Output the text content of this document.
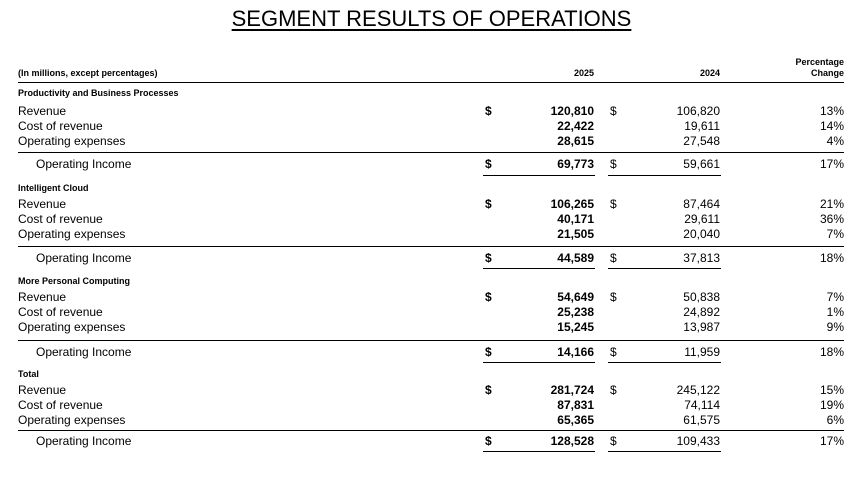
SEGMENT RESULTS OF OPERATIONS
(In millions, except percentages)	2025	2024
Percentage
Change
Productivity and Business Processes
Revenue	$	120,810 $	106,820	13%
Cost of revenue	22,422	19,611	14%
Operating expenses	28,615	27,548	4%
Operating Income	$	69,773 $	59,661	17%
Intelligent Cloud
Revenue	$	106,265 $	87,464	21%
Cost of revenue	40,171	29,611	36%
Operating expenses	21,505	20,040	7%
Operating Income	$	44,589 $	37,813	18%
More Personal Computing
Revenue	$	54,649 $	50,838	7%
Cost of revenue	25,238	24,892	1%
Operating expenses	15,245	13,987	9%
Operating Income	$	14,166 $	11,959	18%
Total
Revenue	$	281,724 $	245,122	15%
Cost of revenue	87,831	74,114	19%
Operating expenses	65,365	61,575	6%
Operating Income	$	128,528 $	109,433	17%
